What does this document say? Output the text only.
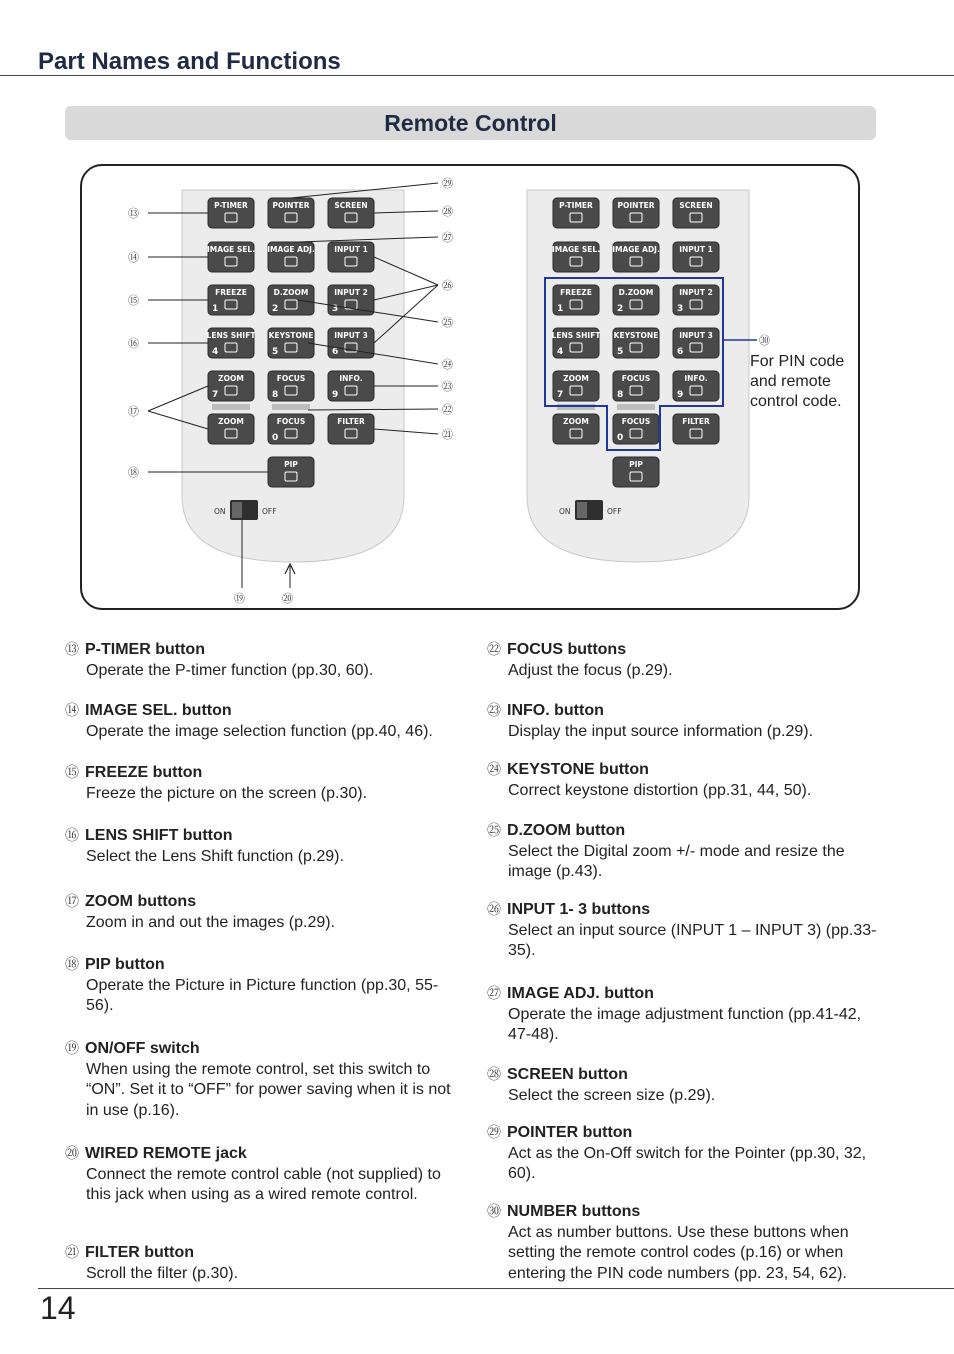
Part Names and Functions
Remote Control
P-TIMER	POINTER	SCREEN
IMAGE SEL. IMAGE ADJ.	INPUT 1
FREEZE
1
D.ZOOM
2
INPUT 2
3
LENS SHIFT
4
KEYSTONE
5
INPUT 3
6
ZOOM
7
FOCUS
8
INFO.
9
ZOOM	FOCUS
0
FILTER
PIP
ON	OFF
P-TIMER	POINTER	SCREEN
IMAGE SEL. IMAGE ADJ.	INPUT 1
FREEZE
1
D.ZOOM
2
INPUT 2
3
LENS SHIFT
4
KEYSTONE
5
INPUT 3
6
ZOOM
7
FOCUS
8
INFO.
9
ZOOM	FOCUS
0
FILTER
PIP
ON	OFF
⑬
⑭
⑮
⑯
⑰
⑱
㉙
㉘
㉗
㉖
㉕
㉔
㉓
㉒
㉑
⑲	⑳
㉚
For PIN code and remote control code.
⑬ P-TIMER button
Operate the P-timer function (pp.30, 60).
⑭ IMAGE SEL. button
Operate the image selection function (pp.40, 46).
⑮ FREEZE button
Freeze the picture on the screen (p.30).
⑯ LENS SHIFT button
Select the Lens Shift function (p.29).
⑰ ZOOM buttons
Zoom in and out the images (p.29).
⑱ PIP button
Operate the Picture in Picture function (pp.30, 55-56).
⑲ ON/OFF switch
When using the remote control, set this switch to “ON”. Set it to “OFF” for power saving when it is not in use (p.16).
⑳ WIRED REMOTE jack
Connect the remote control cable (not supplied) to this jack when using as a wired remote control.
㉑ FILTER button
Scroll the filter (p.30).
㉒ FOCUS buttons
Adjust the focus (p.29).
㉓ INFO. button
Display the input source information (p.29).
㉔ KEYSTONE button
Correct keystone distortion (pp.31, 44, 50).
㉕ D.ZOOM button
Select the Digital zoom +/- mode and resize the image (p.43).
㉖ INPUT 1- 3 buttons
Select an input source (INPUT 1 – INPUT 3) (pp.33-35).
㉗ IMAGE ADJ. button
Operate the image adjustment function (pp.41-42, 47-48).
㉘ SCREEN button
Select the screen size (p.29).
㉙ POINTER button
Act as the On-Off switch for the Pointer (pp.30, 32, 60).
㉚ NUMBER buttons
Act as number buttons. Use these buttons when setting the remote control codes (p.16) or when entering the PIN code numbers (pp. 23, 54, 62).
14
